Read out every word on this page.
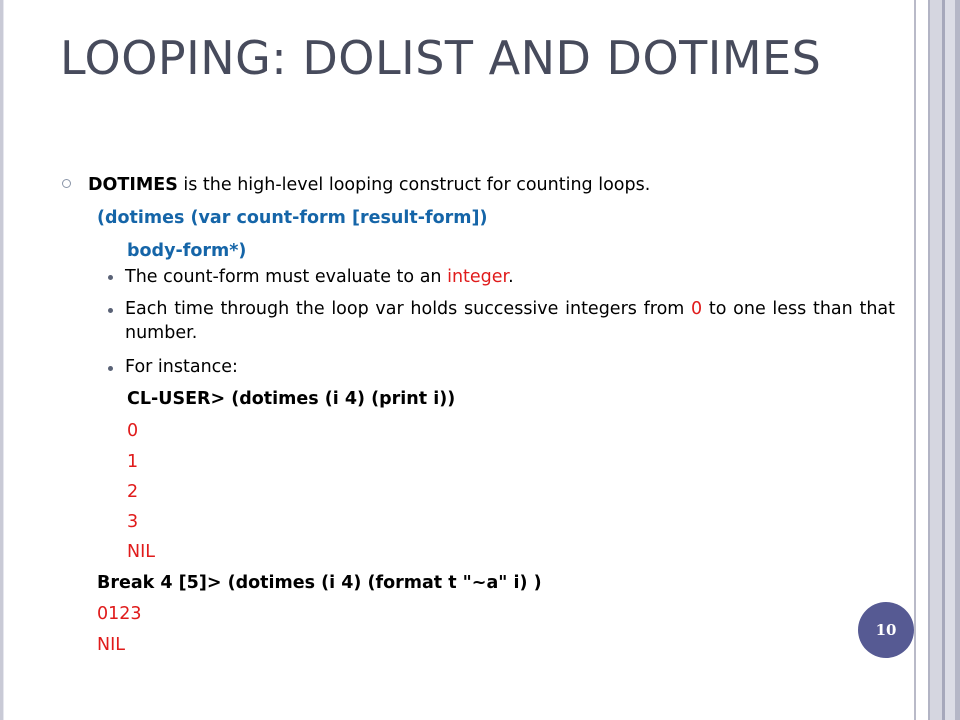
LOOPING: DOLIST AND DOTIMES
DOTIMES is the high-level looping construct for counting loops.
(dotimes (var count-form [result-form])
body-form*)
The count-form must evaluate to an integer.
Each time through the loop var holds successive integers from 0 to one less than that number.
For instance:
CL-USER> (dotimes (i 4) (print i))
0
1
2
3
NIL
Break 4 [5]> (dotimes (i 4) (format t "~a" i) )
0123
NIL
10
